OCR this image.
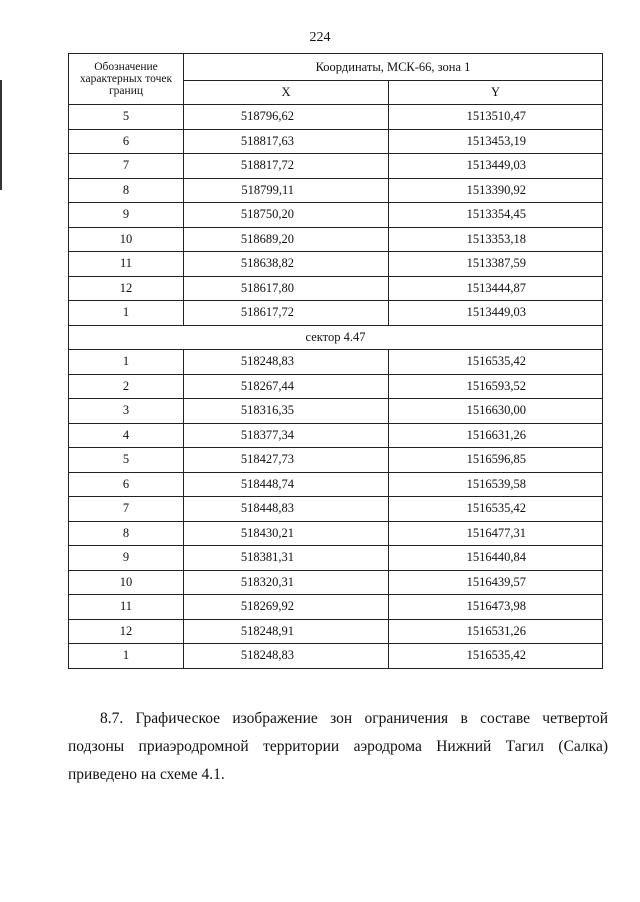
224
Обозначение характерных точек границ	Координаты, МСК-66, зона 1	
	X	Y
5	518796,62	1513510,47
6	518817,63	1513453,19
7	518817,72	1513449,03
8	518799,11	1513390,92
9	518750,20	1513354,45
10	518689,20	1513353,18
11	518638,82	1513387,59
12	518617,80	1513444,87
1	518617,72	1513449,03
сектор 4.47		
1	518248,83	1516535,42
2	518267,44	1516593,52
3	518316,35	1516630,00
4	518377,34	1516631,26
5	518427,73	1516596,85
6	518448,74	1516539,58
7	518448,83	1516535,42
8	518430,21	1516477,31
9	518381,31	1516440,84
10	518320,31	1516439,57
11	518269,92	1516473,98
12	518248,91	1516531,26
1	518248,83	1516535,42
8.7. Графическое изображение зон ограничения в составе четвертой подзоны приаэродромной территории аэродрома Нижний Тагил (Салка) приведено на схеме 4.1.
